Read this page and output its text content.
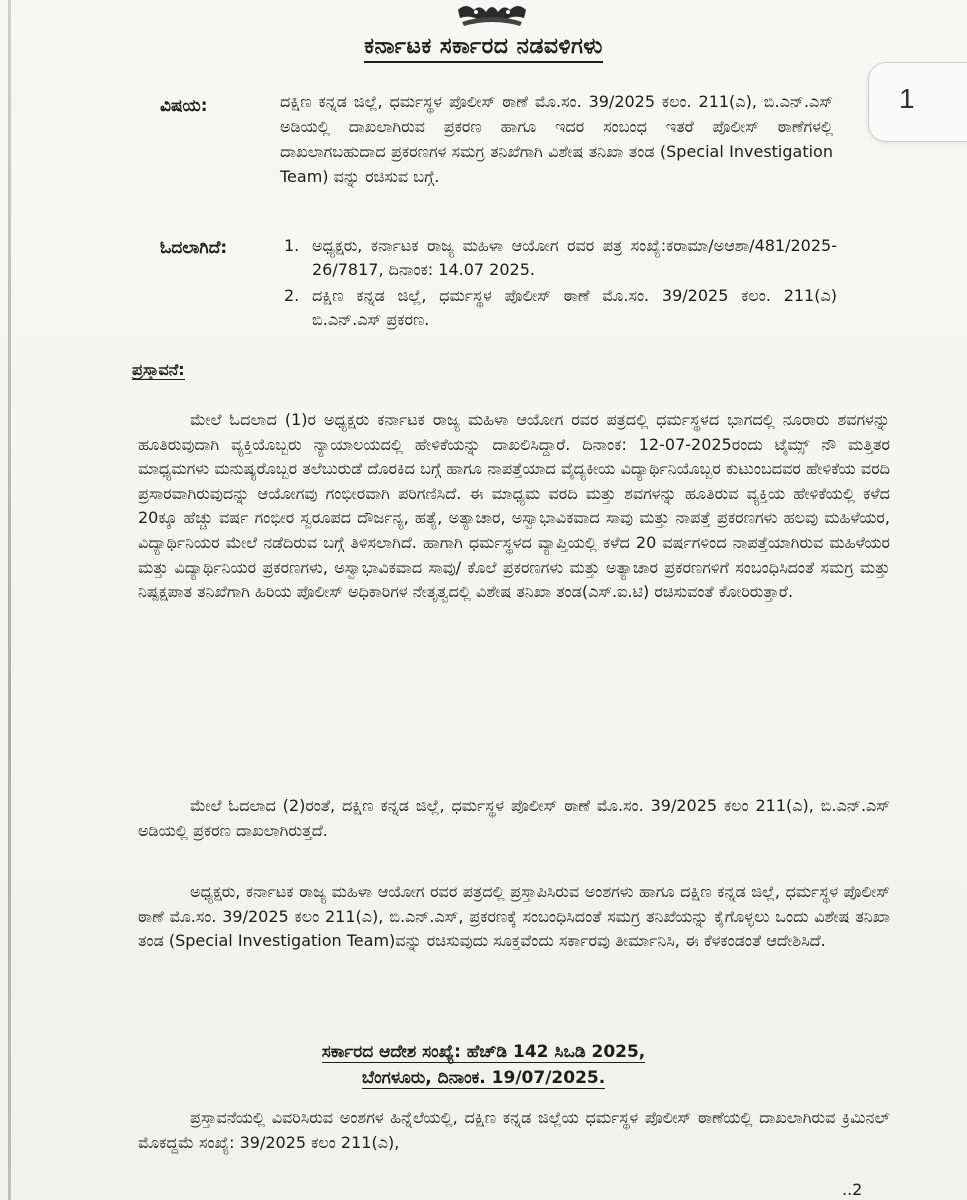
ಕರ್ನಾಟಕ ಸರ್ಕಾರದ ನಡವಳಿಗಳು
1
ವಿಷಯ:	ದಕ್ಷಿಣ ಕನ್ನಡ ಜಿಲ್ಲೆ, ಧರ್ಮಸ್ಥಳ ಪೊಲೀಸ್ ಠಾಣೆ ಮೊ.ಸಂ. 39/2025 ಕಲಂ. 211(ಎ), ಬಿ.ಎನ್.ಎಸ್ ಅಡಿಯಲ್ಲಿ ದಾಖಲಾಗಿರುವ ಪ್ರಕರಣ ಹಾಗೂ ಇದರ ಸಂಬಂಧ ಇತರೆ ಪೊಲೀಸ್ ಠಾಣೆಗಳಲ್ಲಿ ದಾಖಲಾಗಬಹುದಾದ ಪ್ರಕರಣಗಳ ಸಮಗ್ರ ತನಿಖೆಗಾಗಿ ವಿಶೇಷ ತನಿಖಾ ತಂಡ (Special Investigation Team) ವನ್ನು ರಚಿಸುವ ಬಗ್ಗೆ.
ಓದಲಾಗಿದೆ:	1. ಅಧ್ಯಕ್ಷರು, ಕರ್ನಾಟಕ ರಾಜ್ಯ ಮಹಿಳಾ ಆಯೋಗ ರವರ ಪತ್ರ ಸಂಖ್ಯೆ:ಕರಾಮಾ/ಅಆಶಾ/481/2025-26/7817, ದಿನಾಂಕ: 14.07 2025.
2. ದಕ್ಷಿಣ ಕನ್ನಡ ಜಿಲ್ಲೆ, ಧರ್ಮಸ್ಥಳ ಪೊಲೀಸ್ ಠಾಣೆ ಮೊ.ಸಂ. 39/2025 ಕಲಂ. 211(ಎ) ಬಿ.ಎನ್.ಎಸ್ ಪ್ರಕರಣ.
ಪ್ರಸ್ತಾವನೆ:
ಮೇಲೆ ಓದಲಾದ (1)ರ ಅಧ್ಯಕ್ಷರು ಕರ್ನಾಟಕ ರಾಜ್ಯ ಮಹಿಳಾ ಆಯೋಗ ರವರ ಪತ್ರದಲ್ಲಿ ಧರ್ಮಸ್ಥಳದ ಭಾಗದಲ್ಲಿ ನೂರಾರು ಶವಗಳನ್ನು ಹೂತಿರುವುದಾಗಿ ವ್ಯಕ್ತಿಯೊಬ್ಬರು ನ್ಯಾಯಾಲಯದಲ್ಲಿ ಹೇಳಿಕೆಯನ್ನು ದಾಖಲಿಸಿದ್ದಾರೆ. ದಿನಾಂಕ: 12-07-2025ರಂದು ಟೈಮ್ಸ್ ನೌ ಮತ್ತಿತರ ಮಾಧ್ಯಮಗಳು ಮನುಷ್ಯರೊಬ್ಬರ ತಲೆಬುರುಡೆ ದೊರಕಿದ ಬಗ್ಗೆ ಹಾಗೂ ನಾಪತ್ತೆಯಾದ ವೈದ್ಯಕೀಯ ವಿದ್ಯಾರ್ಥಿನಿಯೊಬ್ಬರ ಕುಟುಂಬದವರ ಹೇಳಿಕೆಯ ವರದಿ ಪ್ರಸಾರವಾಗಿರುವುದನ್ನು ಆಯೋಗವು ಗಂಭೀರವಾಗಿ ಪರಿಗಣಿಸಿದೆ. ಈ ಮಾಧ್ಯಮ ವರದಿ ಮತ್ತು ಶವಗಳನ್ನು ಹೂತಿರುವ ವ್ಯಕ್ತಿಯ ಹೇಳಿಕೆಯಲ್ಲಿ ಕಳೆದ 20ಕ್ಕೂ ಹೆಚ್ಚು ವರ್ಷ ಗಂಭೀರ ಸ್ವರೂಪದ ದೌರ್ಜನ್ಯ, ಹತ್ಯೆ, ಅತ್ಯಾಚಾರ, ಅಸ್ವಾಭಾವಿಕವಾದ ಸಾವು ಮತ್ತು ನಾಪತ್ತೆ ಪ್ರಕರಣಗಳು ಹಲವು ಮಹಿಳೆಯರ, ವಿದ್ಯಾರ್ಥಿನಿಯರ ಮೇಲೆ ನಡೆದಿರುವ ಬಗ್ಗೆ ತಿಳಿಸಲಾಗಿದೆ. ಹಾಗಾಗಿ ಧರ್ಮಸ್ಥಳದ ವ್ಯಾಪ್ತಿಯಲ್ಲಿ ಕಳೆದ 20 ವರ್ಷಗಳಿಂದ ನಾಪತ್ತೆಯಾಗಿರುವ ಮಹಿಳೆಯರ ಮತ್ತು ವಿದ್ಯಾರ್ಥಿನಿಯರ ಪ್ರಕರಣಗಳು, ಅಸ್ವಾಭಾವಿಕವಾದ ಸಾವು/ ಕೊಲೆ ಪ್ರಕರಣಗಳು ಮತ್ತು ಅತ್ಯಾಚಾರ ಪ್ರಕರಣಗಳಿಗೆ ಸಂಬಂಧಿಸಿದಂತೆ ಸಮಗ್ರ ಮತ್ತು ನಿಷ್ಪಕ್ಷಪಾತ ತನಿಖೆಗಾಗಿ ಹಿರಿಯ ಪೊಲೀಸ್ ಅಧಿಕಾರಿಗಳ ನೇತೃತ್ವದಲ್ಲಿ ವಿಶೇಷ ತನಿಖಾ ತಂಡ(ಎಸ್.ಐ.ಟಿ) ರಚಿಸುವಂತೆ ಕೋರಿರುತ್ತಾರೆ.
ಮೇಲೆ ಓದಲಾದ (2)ರಂತೆ, ದಕ್ಷಿಣ ಕನ್ನಡ ಜಿಲ್ಲೆ, ಧರ್ಮಸ್ಥಳ ಪೊಲೀಸ್ ಠಾಣೆ ಮೊ.ಸಂ. 39/2025 ಕಲಂ 211(ಎ), ಬಿ.ಎನ್.ಎಸ್ ಅಡಿಯಲ್ಲಿ ಪ್ರಕರಣ ದಾಖಲಾಗಿರುತ್ತದೆ.
ಅಧ್ಯಕ್ಷರು, ಕರ್ನಾಟಕ ರಾಜ್ಯ ಮಹಿಳಾ ಆಯೋಗ ರವರ ಪತ್ರದಲ್ಲಿ ಪ್ರಸ್ತಾಪಿಸಿರುವ ಅಂಶಗಳು ಹಾಗೂ ದಕ್ಷಿಣ ಕನ್ನಡ ಜಿಲ್ಲೆ, ಧರ್ಮಸ್ಥಳ ಪೊಲೀಸ್ ಠಾಣೆ ಮೊ.ಸಂ. 39/2025 ಕಲಂ 211(ಎ), ಬಿ.ಎನ್.ಎಸ್, ಪ್ರಕರಣಕ್ಕೆ ಸಂಬಂಧಿಸಿದಂತೆ ಸಮಗ್ರ ತನಿಖೆಯನ್ನು ಕೈಗೊಳ್ಳಲು ಒಂದು ವಿಶೇಷ ತನಿಖಾ ತಂಡ (Special Investigation Team)ವನ್ನು ರಚಿಸುವುದು ಸೂಕ್ತವೆಂದು ಸರ್ಕಾರವು ತೀರ್ಮಾನಿಸಿ, ಈ ಕೆಳಕಂಡಂತೆ ಆದೇಶಿಸಿದೆ.
ಸರ್ಕಾರದ ಆದೇಶ ಸಂಖ್ಯೆ: ಹೆಚ್‌ಡಿ 142 ಸಿಒಡಿ 2025,
ಬೆಂಗಳೂರು, ದಿನಾಂಕ. 19/07/2025.
ಪ್ರಸ್ತಾವನೆಯಲ್ಲಿ ವಿವರಿಸಿರುವ ಅಂಶಗಳ ಹಿನ್ನೆಲೆಯಲ್ಲಿ, ದಕ್ಷಿಣ ಕನ್ನಡ ಜಿಲ್ಲೆಯ ಧರ್ಮಸ್ಥಳ ಪೊಲೀಸ್ ಠಾಣೆಯಲ್ಲಿ ದಾಖಲಾಗಿರುವ ಕ್ರಿಮಿನಲ್ ಮೊಕದ್ದಮೆ ಸಂಖ್ಯೆ: 39/2025 ಕಲಂ 211(ಎ),
..2
